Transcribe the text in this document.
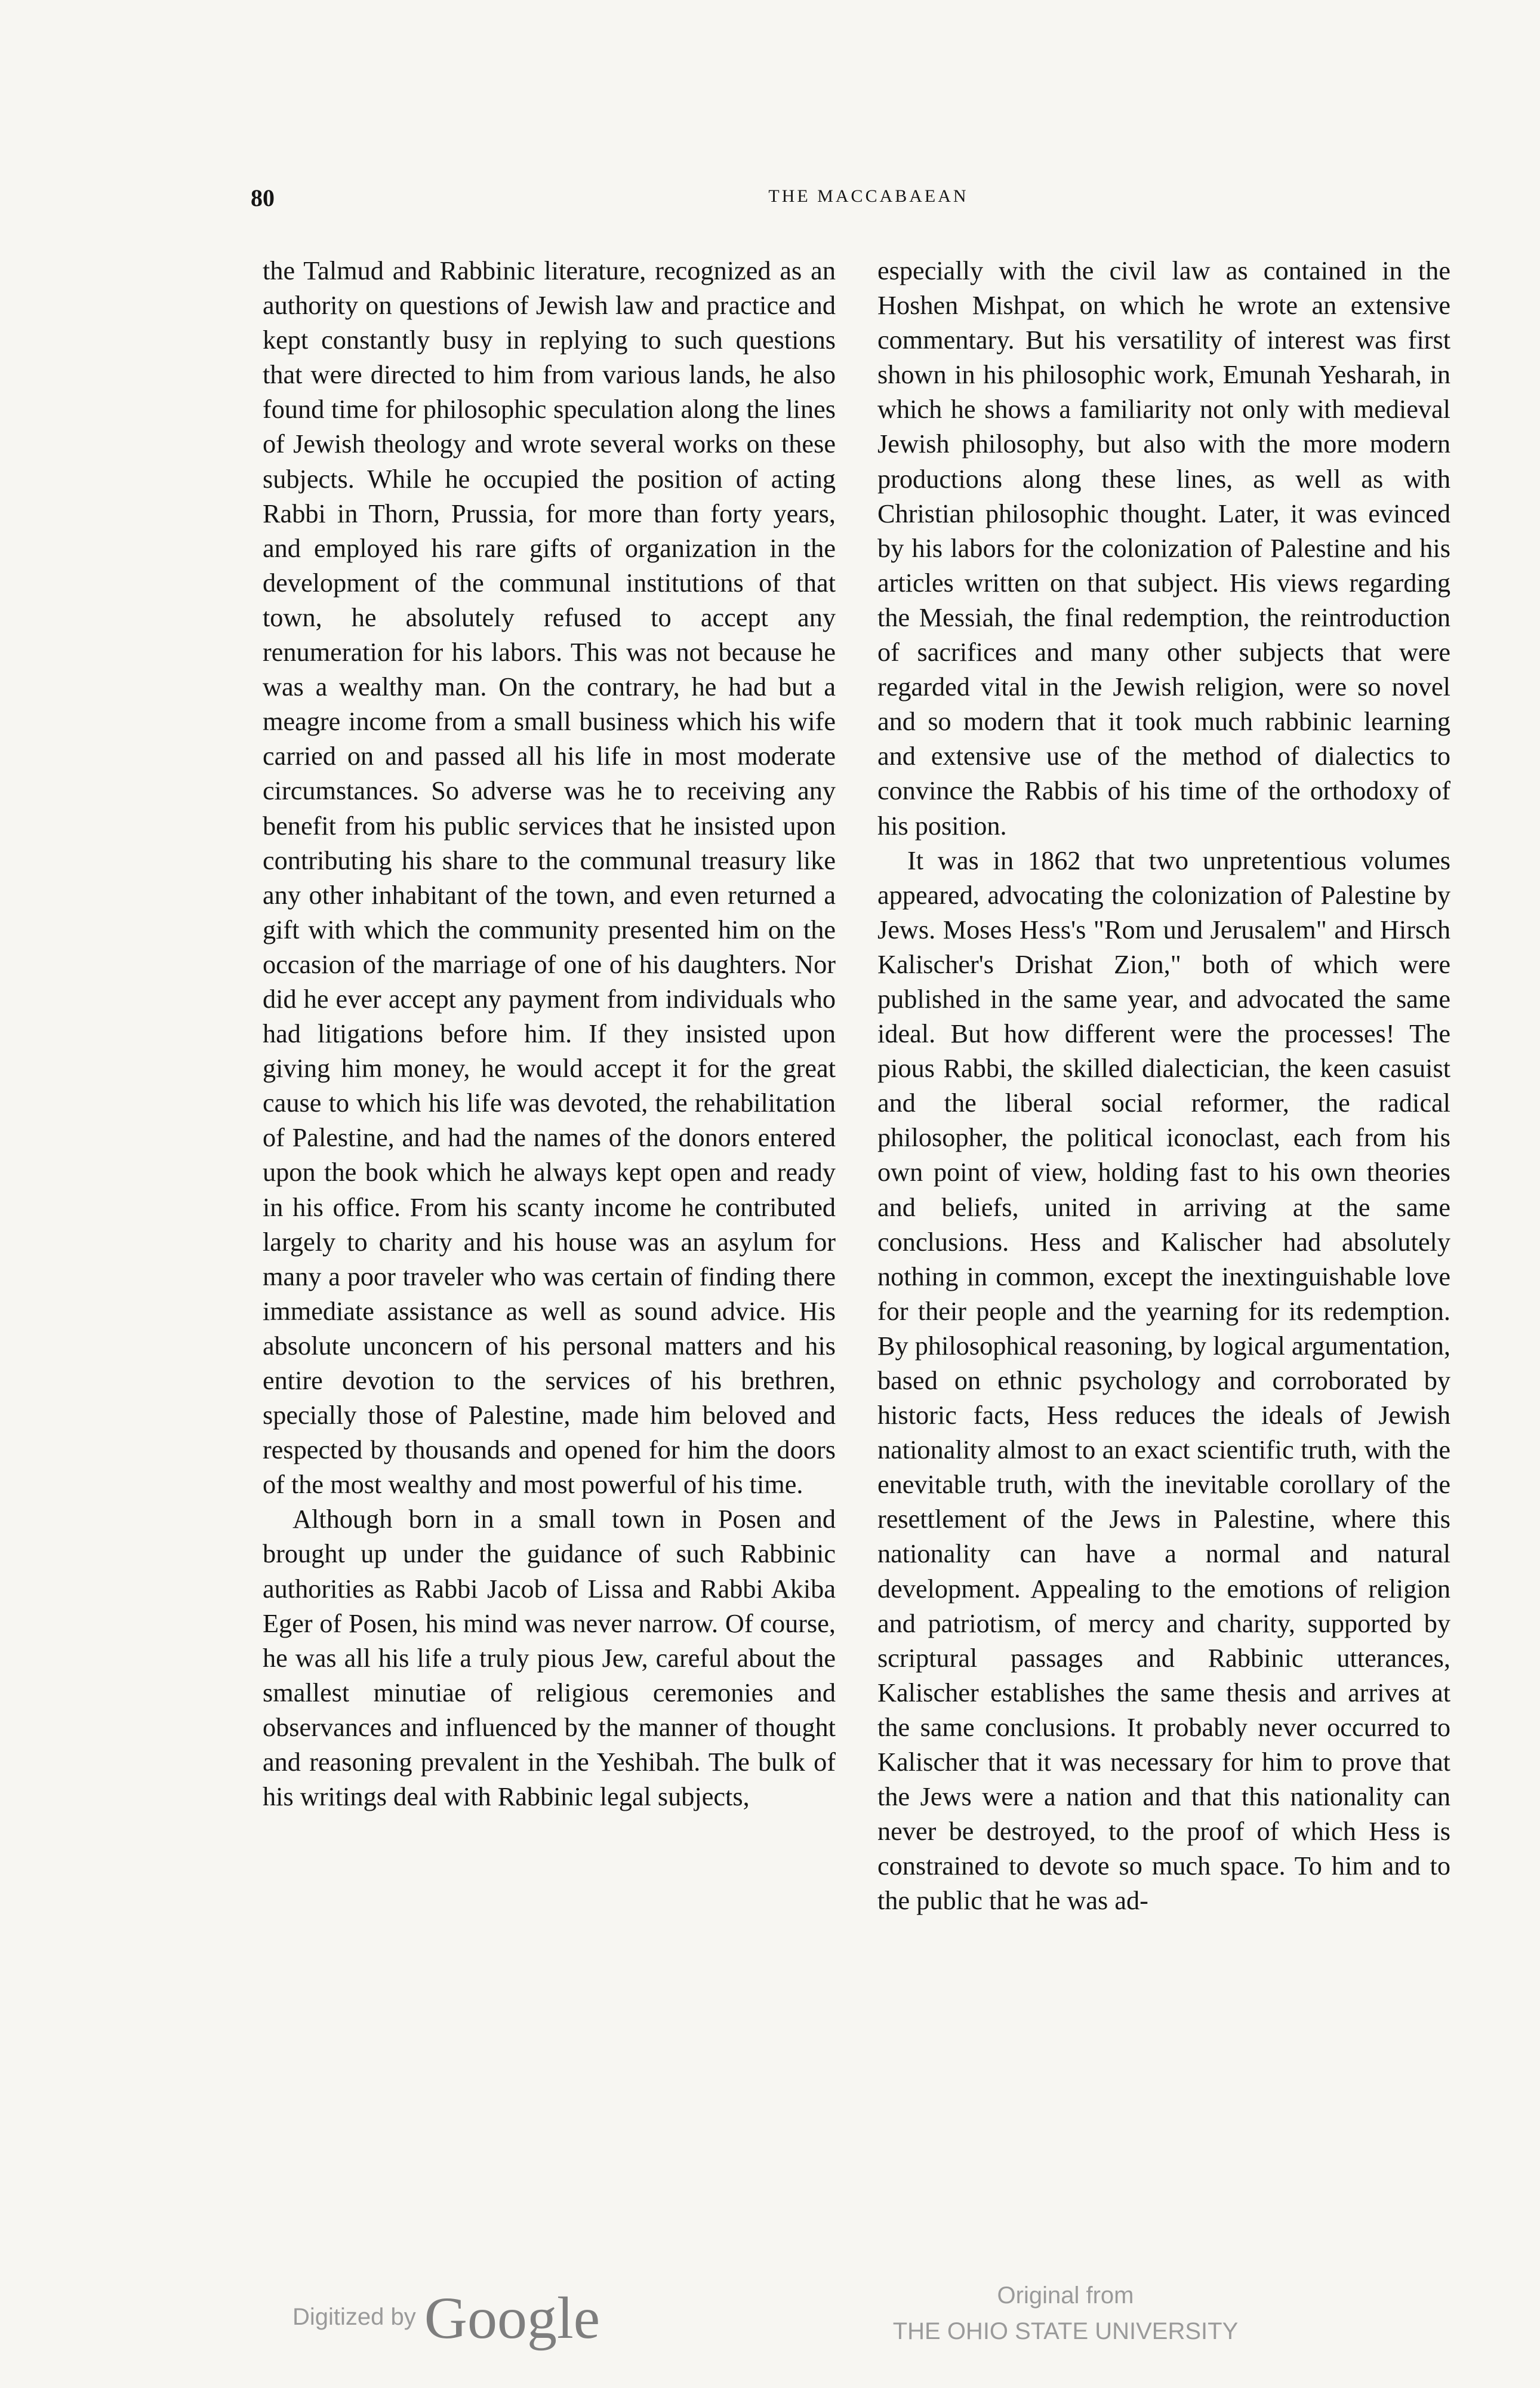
80	THE MACCABAEAN

the Talmud and Rabbinic literature, recognized as an authority on questions of Jewish law and practice and kept constantly busy in replying to such questions that were directed to him from various lands, he also found time for philosophic speculation along the lines of Jewish theology and wrote several works on these subjects. While he occupied the position of acting Rabbi in Thorn, Prussia, for more than forty years, and employed his rare gifts of organization in the development of the communal institutions of that town, he absolutely refused to accept any renumeration for his labors. This was not because he was a wealthy man. On the contrary, he had but a meagre income from a small business which his wife carried on and passed all his life in most moderate circumstances. So adverse was he to receiving any benefit from his public services that he insisted upon contributing his share to the communal treasury like any other inhabitant of the town, and even returned a gift with which the community presented him on the occasion of the marriage of one of his daughters. Nor did he ever accept any payment from individuals who had litigations before him. If they insisted upon giving him money, he would accept it for the great cause to which his life was devoted, the rehabilitation of Palestine, and had the names of the donors entered upon the book which he always kept open and ready in his office. From his scanty income he contributed largely to charity and his house was an asylum for many a poor traveler who was certain of finding there immediate assistance as well as sound advice. His absolute unconcern of his personal matters and his entire devotion to the services of his brethren, specially those of Palestine, made him beloved and respected by thousands and opened for him the doors of the most wealthy and most powerful of his time.

Although born in a small town in Posen and brought up under the guidance of such Rabbinic authorities as Rabbi Jacob of Lissa and Rabbi Akiba Eger of Posen, his mind was never narrow. Of course, he was all his life a truly pious Jew, careful about the smallest minutiae of religious ceremonies and observances and influenced by the manner of thought and reasoning prevalent in the Yeshibah. The bulk of his writings deal with Rabbinic legal subjects,

especially with the civil law as contained in the Hoshen Mishpat, on which he wrote an extensive commentary. But his versatility of interest was first shown in his philosophic work, Emunah Yesharah, in which he shows a familiarity not only with medieval Jewish philosophy, but also with the more modern productions along these lines, as well as with Christian philosophic thought. Later, it was evinced by his labors for the colonization of Palestine and his articles written on that subject. His views regarding the Messiah, the final redemption, the reintroduction of sacrifices and many other subjects that were regarded vital in the Jewish religion, were so novel and so modern that it took much rabbinic learning and extensive use of the method of dialectics to convince the Rabbis of his time of the orthodoxy of his position.

It was in 1862 that two unpretentious volumes appeared, advocating the colonization of Palestine by Jews. Moses Hess's "Rom und Jerusalem" and Hirsch Kalischer's Drishat Zion," both of which were published in the same year, and advocated the same ideal. But how different were the processes! The pious Rabbi, the skilled dialectician, the keen casuist and the liberal social reformer, the radical philosopher, the political iconoclast, each from his own point of view, holding fast to his own theories and beliefs, united in arriving at the same conclusions. Hess and Kalischer had absolutely nothing in common, except the inextinguishable love for their people and the yearning for its redemption. By philosophical reasoning, by logical argumentation, based on ethnic psychology and corroborated by historic facts, Hess reduces the ideals of Jewish nationality almost to an exact scientific truth, with the enevitable truth, with the inevitable corollary of the resettlement of the Jews in Palestine, where this nationality can have a normal and natural development. Appealing to the emotions of religion and patriotism, of mercy and charity, supported by scriptural passages and Rabbinic utterances, Kalischer establishes the same thesis and arrives at the same conclusions. It probably never occurred to Kalischer that it was necessary for him to prove that the Jews were a nation and that this nationality can never be destroyed, to the proof of which Hess is constrained to devote so much space. To him and to the public that he was ad-

Digitized by Google	Original from
THE OHIO STATE UNIVERSITY
